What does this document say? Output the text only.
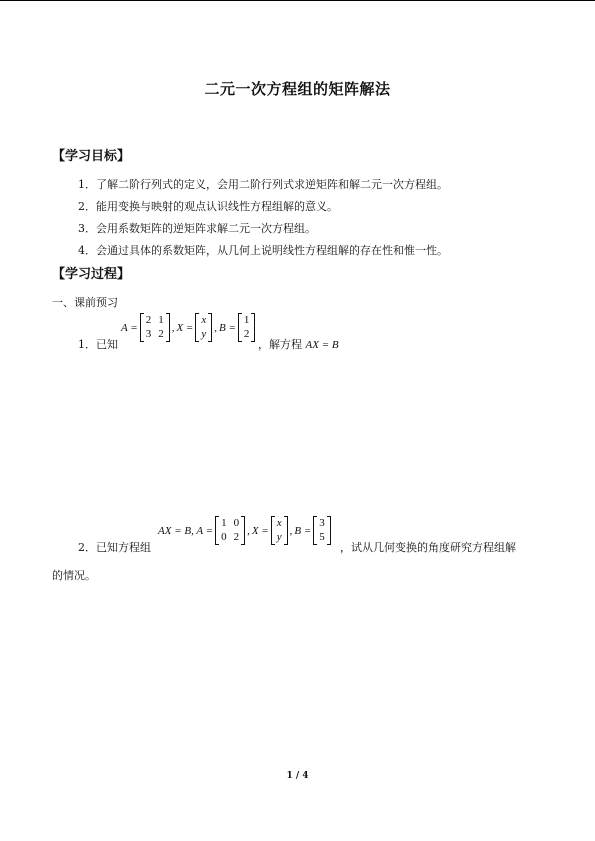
二元一次方程组的矩阵解法
【学习目标】
1．了解二阶行列式的定义，会用二阶行列式求逆矩阵和解二元一次方程组。
2．能用变换与映射的观点认识线性方程组解的意义。
3．会用系数矩阵的逆矩阵求解二元一次方程组。
4．会通过具体的系数矩阵，从几何上说明线性方程组解的存在性和惟一性。
【学习过程】
一、课前预习
1．已知
A =
2 1
3 2
, X =
x
y
, B =
1
2
，解方程 AX = B
2．已知方程组
AX = B, A =
1 0
0 2
, X =
x
y
, B =
3
5
，试从几何变换的角度研究方程组解
的情况。
1 / 4
